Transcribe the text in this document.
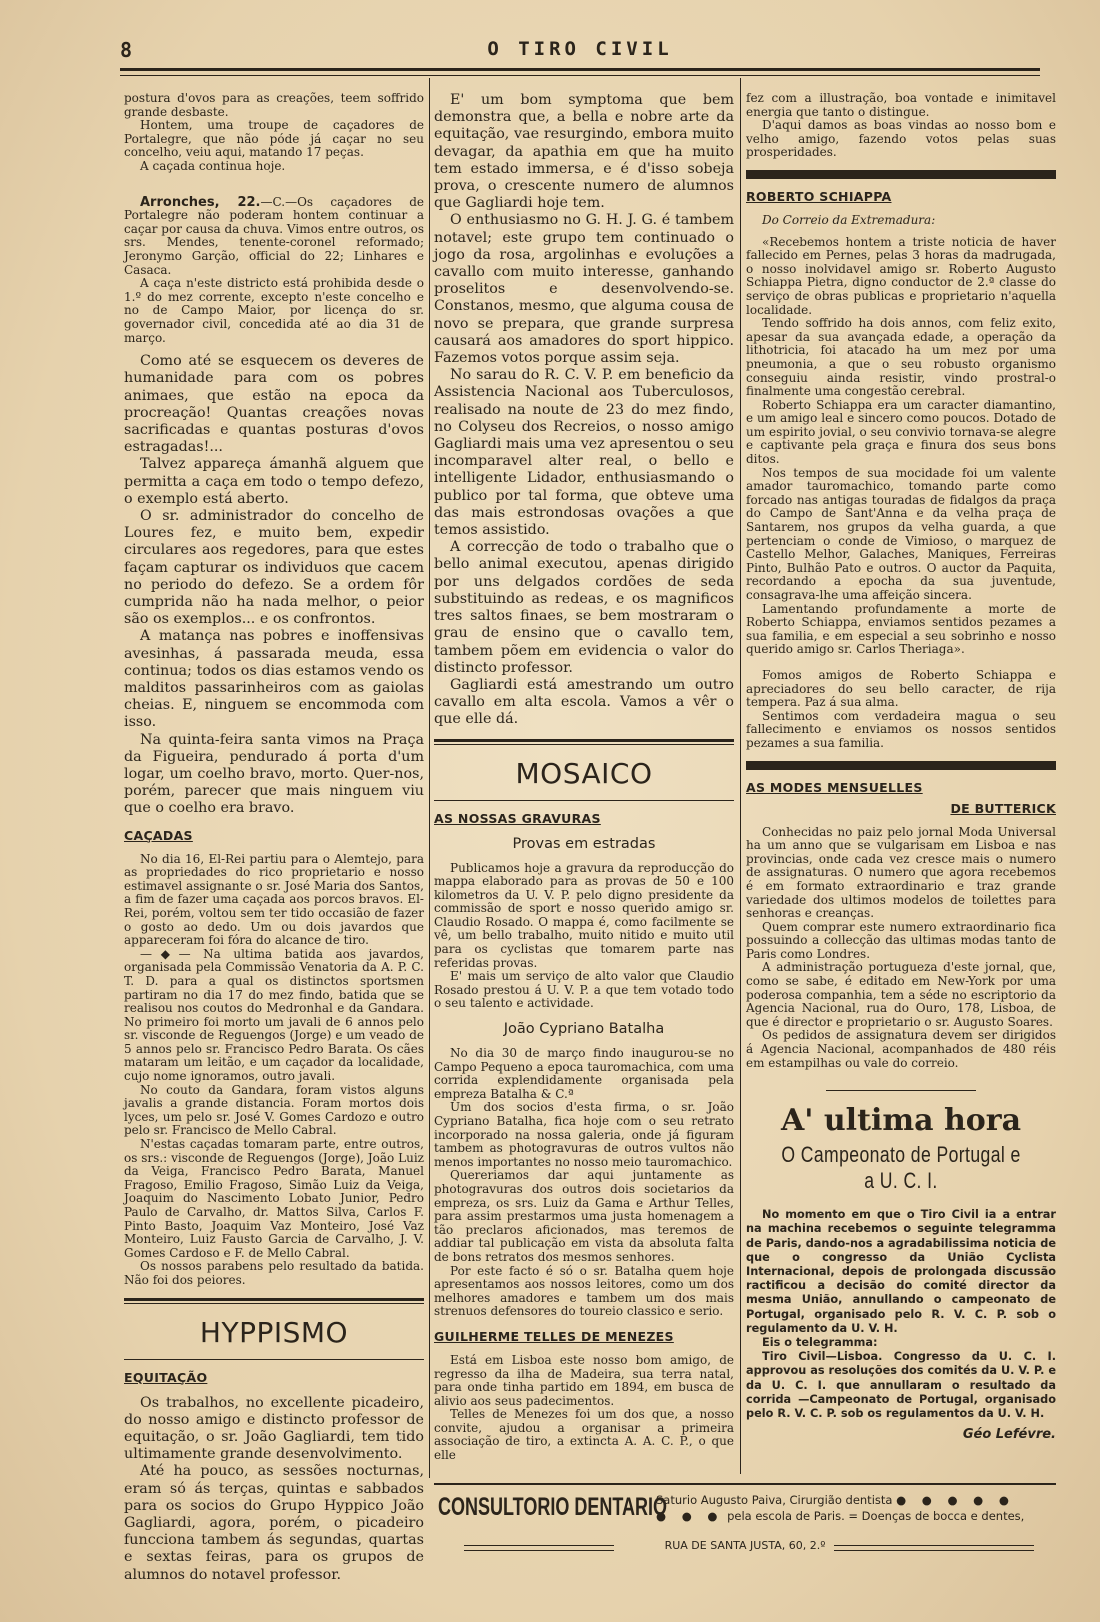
8	O TIRO CIVIL

postura d'ovos para as creações, teem soffrido grande desbaste.

Hontem, uma troupe de caçadores de Portalegre, que não póde já caçar no seu concelho, veiu aqui, matando 17 peças.

A caçada continua hoje.

Arronches, 22.—C.—Os caçadores de Portalegre não poderam hontem continuar a caçar por causa da chuva. Vimos entre outros, os srs. Mendes, tenente-coronel reformado; Jeronymo Garção, official do 22; Linhares e Casaca.

A caça n'este districto está prohibida desde o 1.º do mez corrente, excepto n'este concelho e no de Campo Maior, por licença do sr. governador civil, concedida até ao dia 31 de março.

Como até se esquecem os deveres de humanidade para com os pobres animaes, que estão na epoca da procreação! Quantas creações novas sacrificadas e quantas posturas d'ovos estragadas!...

Talvez appareça ámanhã alguem que permitta a caça em todo o tempo defezo, o exemplo está aberto.

O sr. administrador do concelho de Loures fez, e muito bem, expedir circulares aos regedores, para que estes façam capturar os individuos que cacem no periodo do defezo. Se a ordem fôr cumprida não ha nada melhor, o peior são os exemplos... e os confrontos.

A matança nas pobres e inoffensivas avesinhas, á passarada meuda, essa continua; todos os dias estamos vendo os malditos passarinheiros com as gaiolas cheias. E, ninguem se encommoda com isso.

Na quinta-feira santa vimos na Praça da Figueira, pendurado á porta d'um logar, um coelho bravo, morto. Quer-nos, porém, parecer que mais ninguem viu que o coelho era bravo.

CAÇADAS

No dia 16, El-Rei partiu para o Alemtejo, para as propriedades do rico proprietario e nosso estimavel assignante o sr. José Maria dos Santos, a fim de fazer uma caçada aos porcos bravos. El-Rei, porém, voltou sem ter tido occasião de fazer o gosto ao dedo. Um ou dois javardos que appareceram foi fóra do alcance de tiro.

—◆— Na ultima batida aos javardos, organisada pela Commissão Venatoria da A. P. C. T. D. para a qual os distinctos sportsmen partiram no dia 17 do mez findo, batida que se realisou nos coutos do Medronhal e da Gandara. No primeiro foi morto um javali de 6 annos pelo sr. visconde de Reguengos (Jorge) e um veado de 5 annos pelo sr. Francisco Pedro Barata. Os cães mataram um leitão, e um caçador da localidade, cujo nome ignoramos, outro javali.

No couto da Gandara, foram vistos alguns javalis a grande distancia. Foram mortos dois lyces, um pelo sr. José V. Gomes Cardozo e outro pelo sr. Francisco de Mello Cabral.

N'estas caçadas tomaram parte, entre outros, os srs.: visconde de Reguengos (Jorge), João Luiz da Veiga, Francisco Pedro Barata, Manuel Fragoso, Emilio Fragoso, Simão Luiz da Veiga, Joaquim do Nascimento Lobato Junior, Pedro Paulo de Carvalho, dr. Mattos Silva, Carlos F. Pinto Basto, Joaquim Vaz Monteiro, José Vaz Monteiro, Luiz Fausto Garcia de Carvalho, J. V. Gomes Cardoso e F. de Mello Cabral.

Os nossos parabens pelo resultado da batida. Não foi dos peiores.

HYPPISMO
EQUITAÇÃO

Os trabalhos, no excellente picadeiro, do nosso amigo e distincto professor de equitação, o sr. João Gagliardi, tem tido ultimamente grande desenvolvimento.

Até ha pouco, as sessões nocturnas, eram só ás terças, quintas e sabbados para os socios do Grupo Hyppico João Gagliardi, agora, porém, o picadeiro funcciona tambem ás segundas, quartas e sextas feiras, para os grupos de alumnos do notavel professor.

E' um bom symptoma que bem demonstra que, a bella e nobre arte da equitação, vae resurgindo, embora muito devagar, da apathia em que ha muito tem estado immersa, e é d'isso sobeja prova, o crescente numero de alumnos que Gagliardi hoje tem.

O enthusiasmo no G. H. J. G. é tambem notavel; este grupo tem continuado o jogo da rosa, argolinhas e evoluções a cavallo com muito interesse, ganhando proselitos e desenvolvendo-se. Constanos, mesmo, que alguma cousa de novo se prepara, que grande surpresa causará aos amadores do sport hippico. Fazemos votos porque assim seja.

No sarau do R. C. V. P. em beneficio da Assistencia Nacional aos Tuberculosos, realisado na noute de 23 do mez findo, no Colyseu dos Recreios, o nosso amigo Gagliardi mais uma vez apresentou o seu incomparavel alter real, o bello e intelligente Lidador, enthusiasmando o publico por tal forma, que obteve uma das mais estrondosas ovações a que temos assistido.

A correcção de todo o trabalho que o bello animal executou, apenas dirigido por uns delgados cordões de seda substituindo as redeas, e os magnificos tres saltos finaes, se bem mostraram o grau de ensino que o cavallo tem, tambem põem em evidencia o valor do distincto professor.

Gagliardi está amestrando um outro cavallo em alta escola. Vamos a vêr o que elle dá.

MOSAICO
AS NOSSAS GRAVURAS
Provas em estradas

Publicamos hoje a gravura da reproducção do mappa elaborado para as provas de 50 e 100 kilometros da U. V. P. pelo digno presidente da commissão de sport e nosso querido amigo sr. Claudio Rosado. O mappa é, como facilmente se vê, um bello trabalho, muito nitido e muito util para os cyclistas que tomarem parte nas referidas provas.

E' mais um serviço de alto valor que Claudio Rosado prestou á U. V. P. a que tem votado todo o seu talento e actividade.

João Cypriano Batalha

No dia 30 de março findo inaugurou-se no Campo Pequeno a epoca tauromachica, com uma corrida explendidamente organisada pela empreza Batalha & C.ª

Um dos socios d'esta firma, o sr. João Cypriano Batalha, fica hoje com o seu retrato incorporado na nossa galeria, onde já figuram tambem as photogravuras de outros vultos não menos importantes no nosso meio tauromachico.

Quereriamos dar aqui juntamente as photogravuras dos outros dois societarios da empreza, os srs. Luiz da Gama e Arthur Telles, para assim prestarmos uma justa homenagem a tão preclaros aficionados, mas teremos de addiar tal publicação em vista da absoluta falta de bons retratos dos mesmos senhores.

Por este facto é só o sr. Batalha quem hoje apresentamos aos nossos leitores, como um dos melhores amadores e tambem um dos mais strenuos defensores do toureio classico e serio.

GUILHERME TELLES DE MENEZES

Está em Lisboa este nosso bom amigo, de regresso da ilha de Madeira, sua terra natal, para onde tinha partido em 1894, em busca de alivio aos seus padecimentos.

Telles de Menezes foi um dos que, a nosso convite, ajudou a organisar a primeira associação de tiro, a extincta A. A. C. P., o que elle

fez com a illustração, boa vontade e inimitavel energia que tanto o distingue.

D'aqui damos as boas vindas ao nosso bom e velho amigo, fazendo votos pelas suas prosperidades.

ROBERTO SCHIAPPA

Do Correio da Extremadura:

«Recebemos hontem a triste noticia de haver fallecido em Pernes, pelas 3 horas da madrugada, o nosso inolvidavel amigo sr. Roberto Augusto Schiappa Pietra, digno conductor de 2.ª classe do serviço de obras publicas e proprietario n'aquella localidade.

Tendo soffrido ha dois annos, com feliz exito, apesar da sua avançada edade, a operação da lithotricia, foi atacado ha um mez por uma pneumonia, a que o seu robusto organismo conseguiu ainda resistir, vindo prostral-o finalmente uma congestão cerebral.

Roberto Schiappa era um caracter diamantino, e um amigo leal e sincero como poucos. Dotado de um espirito jovial, o seu convivio tornava-se alegre e captivante pela graça e finura dos seus bons ditos.

Nos tempos de sua mocidade foi um valente amador tauromachico, tomando parte como forcado nas antigas touradas de fidalgos da praça do Campo de Sant'Anna e da velha praça de Santarem, nos grupos da velha guarda, a que pertenciam o conde de Vimioso, o marquez de Castello Melhor, Galaches, Maniques, Ferreiras Pinto, Bulhão Pato e outros. O auctor da Paquita, recordando a epocha da sua juventude, consagrava-lhe uma affeição sincera.

Lamentando profundamente a morte de Roberto Schiappa, enviamos sentidos pezames a sua familia, e em especial a seu sobrinho e nosso querido amigo sr. Carlos Theriaga».

Fomos amigos de Roberto Schiappa e apreciadores do seu bello caracter, de rija tempera. Paz á sua alma.

Sentimos com verdadeira magua o seu fallecimento e enviamos os nossos sentidos pezames a sua familia.

AS MODES MENSUELLES
DE BUTTERICK

Conhecidas no paiz pelo jornal Moda Universal ha um anno que se vulgarisam em Lisboa e nas provincias, onde cada vez cresce mais o numero de assignaturas. O numero que agora recebemos é em formato extraordinario e traz grande variedade dos ultimos modelos de toilettes para senhoras e creanças.

Quem comprar este numero extraordinario fica possuindo a collecção das ultimas modas tanto de Paris como Londres.

A administração portugueza d'este jornal, que, como se sabe, é editado em New-York por uma poderosa companhia, tem a séde no escriptorio da Agencia Nacional, rua do Ouro, 178, Lisboa, de que é director e proprietario o sr. Augusto Soares.

Os pedidos de assignatura devem ser dirigidos á Agencia Nacional, acompanhados de 480 réis em estampilhas ou vale do correio.

A' ultima hora
O Campeonato de Portugal e a U. C. I.

No momento em que o Tiro Civil ia a entrar na machina recebemos o seguinte telegramma de Paris, dando-nos a agradabilissima noticia de que o congresso da União Cyclista Internacional, depois de prolongada discussão ractificou a decisão do comité director da mesma União, annullando o campeonato de Portugal, organisado pelo R. V. C. P. sob o regulamento da U. V. H.

Eis o telegramma:

Tiro Civil—Lisboa. Congresso da U. C. I. approvou as resoluções dos comités da U. V. P. e da U. C. I. que annullaram o resultado da corrida —Campeonato de Portugal, organisado pelo R. V. C. P. sob os regulamentos da U. V. H.

Géo Lefévre.
CONSULTORIO DENTARIO
Saturio Augusto Paiva, Cirurgião dentista ● ● ● ● ●
● ● ● pela escola de Paris. = Doenças de bocca e dentes,
RUA DE SANTA JUSTA, 60, 2.º
